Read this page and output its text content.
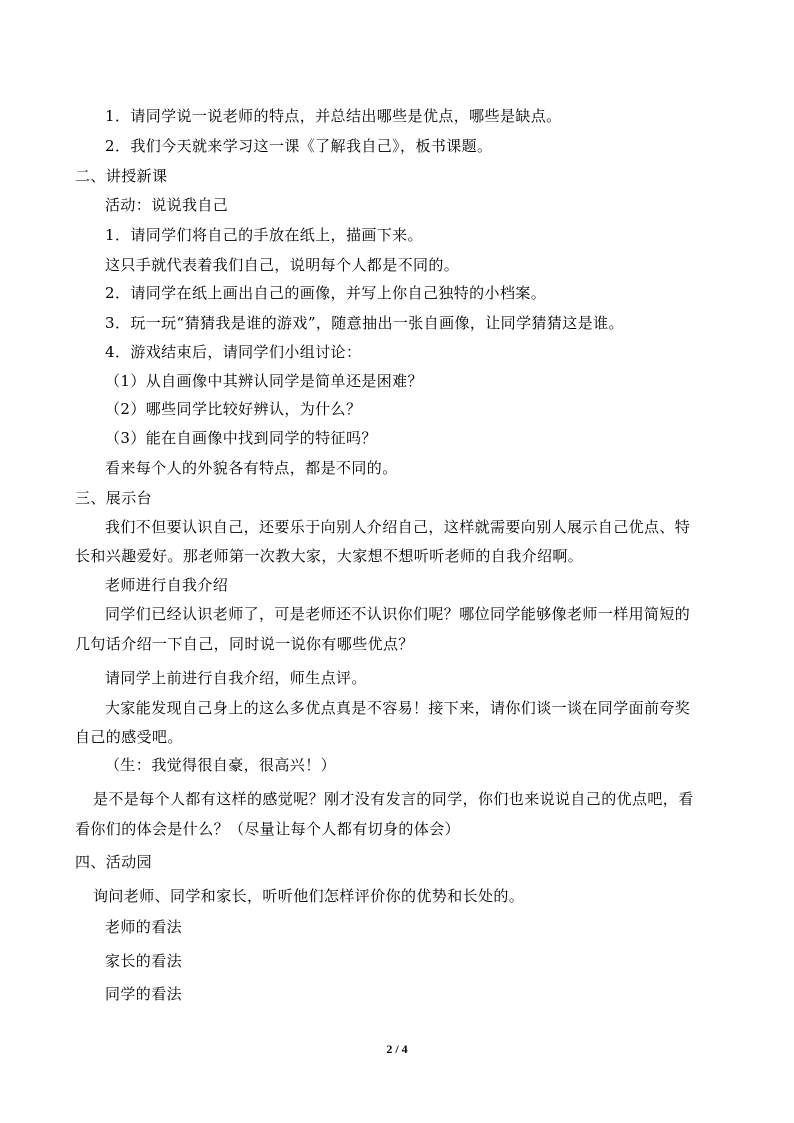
1．请同学说一说老师的特点，并总结出哪些是优点，哪些是缺点。
2．我们今天就来学习这一课《了解我自己》，板书课题。
二、讲授新课
活动：说说我自己
1．请同学们将自己的手放在纸上，描画下来。
这只手就代表着我们自己，说明每个人都是不同的。
2．请同学在纸上画出自己的画像，并写上你自己独特的小档案。
3．玩一玩“猜猜我是谁的游戏”，随意抽出一张自画像，让同学猜猜这是谁。
4．游戏结束后，请同学们小组讨论：
（1）从自画像中其辨认同学是简单还是困难？
（2）哪些同学比较好辨认，为什么？
（3）能在自画像中找到同学的特征吗？
看来每个人的外貌各有特点，都是不同的。
三、展示台
我们不但要认识自己，还要乐于向别人介绍自己，这样就需要向别人展示自己优点、特
长和兴趣爱好。那老师第一次教大家，大家想不想听听老师的自我介绍啊。
老师进行自我介绍
同学们已经认识老师了，可是老师还不认识你们呢？哪位同学能够像老师一样用简短的
几句话介绍一下自己，同时说一说你有哪些优点？
请同学上前进行自我介绍，师生点评。
大家能发现自己身上的这么多优点真是不容易！接下来，请你们谈一谈在同学面前夸奖
自己的感受吧。
（生：我觉得很自豪，很高兴！）
是不是每个人都有这样的感觉呢？刚才没有发言的同学，你们也来说说自己的优点吧，看
看你们的体会是什么？（尽量让每个人都有切身的体会）
四、活动园
询问老师、同学和家长，听听他们怎样评价你的优势和长处的。
老师的看法
家长的看法
同学的看法
2 / 4
